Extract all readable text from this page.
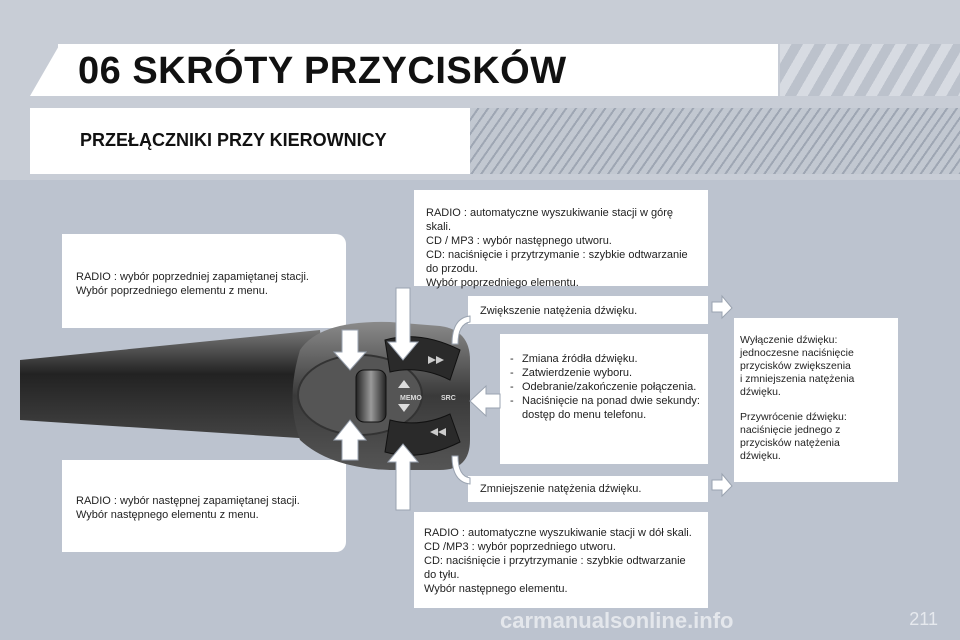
06 SKRÓTY PRZYCISKÓW
PRZEŁĄCZNIKI PRZY KIEROWNICY

RADIO : wybór poprzedniej zapamiętanej stacji.

Wybór poprzedniego elementu z menu.

RADIO : wybór następnej zapamiętanej stacji.

Wybór następnego elementu z menu.

RADIO : automatyczne wyszukiwanie stacji w górę skali.

CD / MP3 : wybór następnego utworu.

CD: naciśnięcie i przytrzymanie : szybkie odtwarzanie

do przodu.

Wybór poprzedniego elementu.

RADIO : automatyczne wyszukiwanie stacji w dół skali.

CD /MP3 : wybór poprzedniego utworu.

CD: naciśnięcie i przytrzymanie : szybkie odtwarzanie

do tyłu.

Wybór następnego elementu.

Zwiększenie natężenia dźwięku.

Zmniejszenie natężenia dźwięku.

- Zmiana źródła dźwięku.
- Zatwierdzenie wyboru.
- Odebranie/zakończenie połączenia.
- Naciśnięcie na ponad dwie sekundy: dostęp do menu telefonu.

Wyłączenie dźwięku:

jednoczesne naciśnięcie

przycisków zwiększenia

i zmniejszenia natężenia

dźwięku.

Przywrócenie dźwięku:

naciśnięcie jednego z

przycisków natężenia

dźwięku.

MEMO	SRC
carmanualsonline.info	211
